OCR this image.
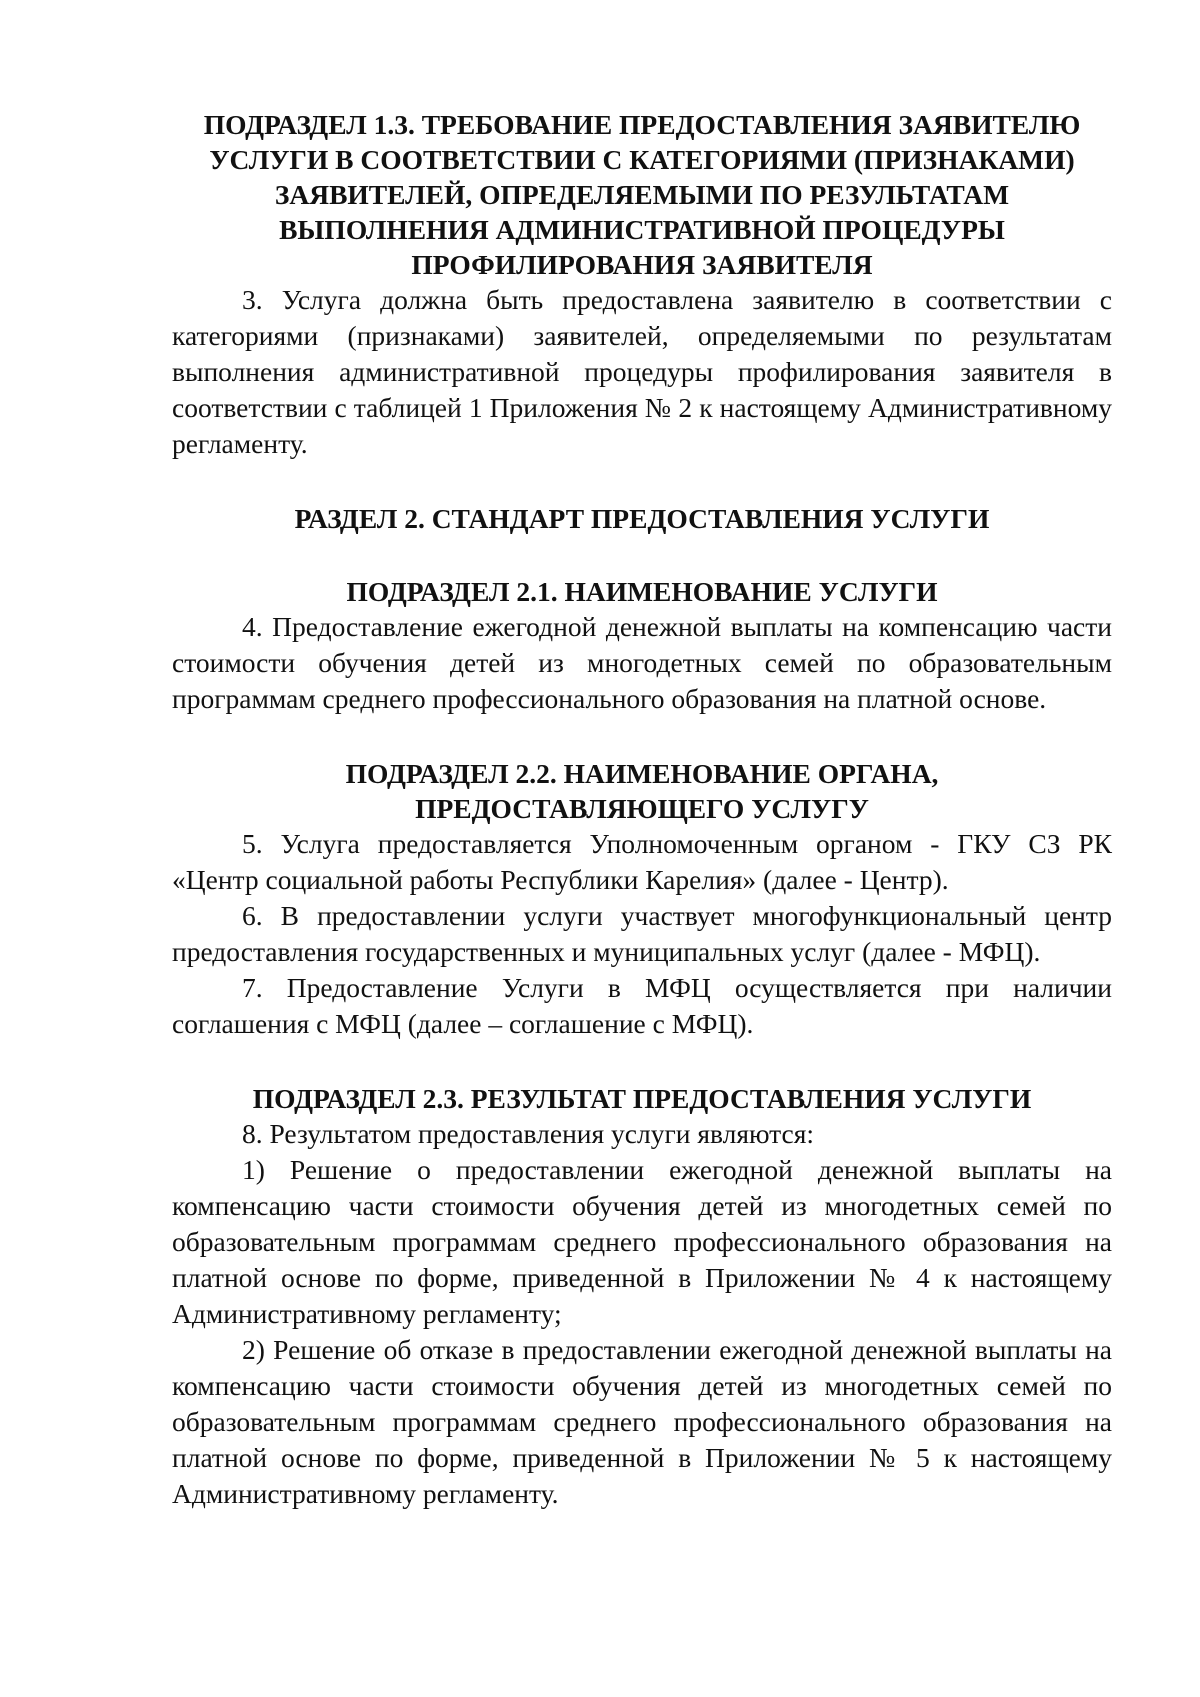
ПОДРАЗДЕЛ 1.3. ТРЕБОВАНИЕ ПРЕДОСТАВЛЕНИЯ ЗАЯВИТЕЛЮ
УСЛУГИ В СООТВЕТСТВИИ С КАТЕГОРИЯМИ (ПРИЗНАКАМИ)
ЗАЯВИТЕЛЕЙ, ОПРЕДЕЛЯЕМЫМИ ПО РЕЗУЛЬТАТАМ
ВЫПОЛНЕНИЯ АДМИНИСТРАТИВНОЙ ПРОЦЕДУРЫ
ПРОФИЛИРОВАНИЯ ЗАЯВИТЕЛЯ

3. Услуга должна быть предоставлена заявителю в соответствии с категориями (признаками) заявителей, определяемыми по результатам выполнения административной процедуры профилирования заявителя в соответствии с таблицей 1 Приложения № 2 к настоящему Административному регламенту.

РАЗДЕЛ 2. СТАНДАРТ ПРЕДОСТАВЛЕНИЯ УСЛУГИ
ПОДРАЗДЕЛ 2.1. НАИМЕНОВАНИЕ УСЛУГИ

4. Предоставление ежегодной денежной выплаты на компенсацию части стоимости обучения детей из многодетных семей по образовательным программам среднего профессионального образования на платной основе.

ПОДРАЗДЕЛ 2.2. НАИМЕНОВАНИЕ ОРГАНА,
ПРЕДОСТАВЛЯЮЩЕГО УСЛУГУ

5. Услуга предоставляется Уполномоченным органом - ГКУ СЗ РК «Центр социальной работы Республики Карелия» (далее - Центр).

6. В предоставлении услуги участвует многофункциональный центр предоставления государственных и муниципальных услуг (далее - МФЦ).

7. Предоставление Услуги в МФЦ осуществляется при наличии соглашения с МФЦ (далее – соглашение с МФЦ).

ПОДРАЗДЕЛ 2.3. РЕЗУЛЬТАТ ПРЕДОСТАВЛЕНИЯ УСЛУГИ

8. Результатом предоставления услуги являются:

1) Решение о предоставлении ежегодной денежной выплаты на компенсацию части стоимости обучения детей из многодетных семей по образовательным программам среднего профессионального образования на платной основе по форме, приведенной в Приложении № 4 к настоящему Административному регламенту;

2) Решение об отказе в предоставлении ежегодной денежной выплаты на компенсацию части стоимости обучения детей из многодетных семей по образовательным программам среднего профессионального образования на платной основе по форме, приведенной в Приложении № 5 к настоящему Административному регламенту.
